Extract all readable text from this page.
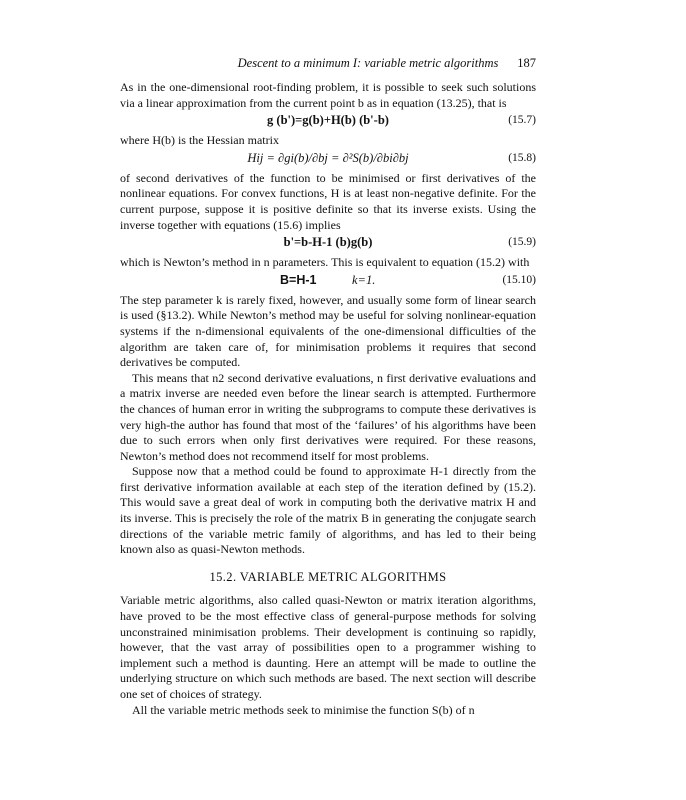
Descent to a minimum I: variable metric algorithms	187

As in the one-dimensional root-finding problem, it is possible to seek such solutions via a linear approximation from the current point b as in equation (13.25), that is

g (b')=g(b)+H(b) (b'-b)	(15.7)

where H(b) is the Hessian matrix

Hij = ∂gi(b)/∂bj = ∂²S(b)/∂bi∂bj	(15.8)

of second derivatives of the function to be minimised or first derivatives of the nonlinear equations. For convex functions, H is at least non-negative definite. For the current purpose, suppose it is positive definite so that its inverse exists. Using the inverse together with equations (15.6) implies

b'=b-H-1 (b)g(b)	(15.9)

which is Newton’s method in n parameters. This is equivalent to equation (15.2) with

B=H-1	k=1.	(15.10)

The step parameter k is rarely fixed, however, and usually some form of linear search is used (§13.2). While Newton’s method may be useful for solving nonlinear-equation systems if the n-dimensional equivalents of the one-dimensional difficulties of the algorithm are taken care of, for minimisation problems it requires that second derivatives be computed.

This means that n2 second derivative evaluations, n first derivative evaluations and a matrix inverse are needed even before the linear search is attempted. Furthermore the chances of human error in writing the subprograms to compute these derivatives is very high-the author has found that most of the ‘failures’ of his algorithms have been due to such errors when only first derivatives were required. For these reasons, Newton’s method does not recommend itself for most problems.

Suppose now that a method could be found to approximate H-1 directly from the first derivative information available at each step of the iteration defined by (15.2). This would save a great deal of work in computing both the derivative matrix H and its inverse. This is precisely the role of the matrix B in generating the conjugate search directions of the variable metric family of algorithms, and has led to their being known also as quasi-Newton methods.

15.2. VARIABLE METRIC ALGORITHMS

Variable metric algorithms, also called quasi-Newton or matrix iteration algorithms, have proved to be the most effective class of general-purpose methods for solving unconstrained minimisation problems. Their development is continuing so rapidly, however, that the vast array of possibilities open to a programmer wishing to implement such a method is daunting. Here an attempt will be made to outline the underlying structure on which such methods are based. The next section will describe one set of choices of strategy.

All the variable metric methods seek to minimise the function S(b) of n
